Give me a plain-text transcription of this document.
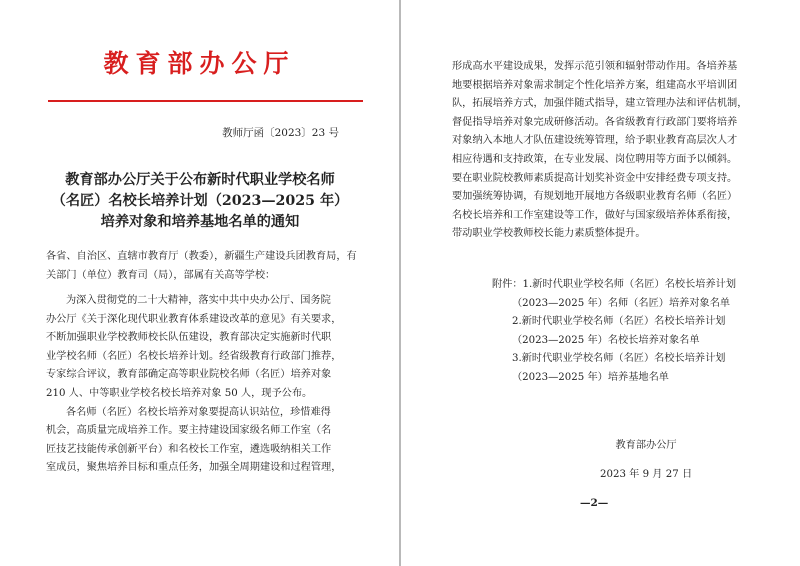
教育部办公厅
教师厅函〔2023〕23 号
教育部办公厅关于公布新时代职业学校名师
（名匠）名校长培养计划（2023—2025 年）
培养对象和培养基地名单的通知
各省、自治区、直辖市教育厅（教委），新疆生产建设兵团教育局，有关部门（单位）教育司（局），部属有关高等学校：
为深入贯彻党的二十大精神，落实中共中央办公厅、国务院
办公厅《关于深化现代职业教育体系建设改革的意见》有关要求，
不断加强职业学校教师校长队伍建设，教育部决定实施新时代职
业学校名师（名匠）名校长培养计划。经省级教育行政部门推荐，
专家综合评议，教育部确定高等职业院校名师（名匠）培养对象
210 人、中等职业学校名校长培养对象 50 人，现予公布。
各名师（名匠）名校长培养对象要提高认识站位，珍惜难得
机会，高质量完成培养工作。要主持建设国家级名师工作室（名
匠技艺技能传承创新平台）和名校长工作室，遴选吸纳相关工作
室成员，聚焦培养目标和重点任务，加强全周期建设和过程管理，
形成高水平建设成果，发挥示范引领和辐射带动作用。各培养基
地要根据培养对象需求制定个性化培养方案，组建高水平培训团
队，拓展培养方式，加强伴随式指导，建立管理办法和评估机制，
督促指导培养对象完成研修活动。各省级教育行政部门要将培养
对象纳入本地人才队伍建设统筹管理，给予职业教育高层次人才
相应待遇和支持政策，在专业发展、岗位聘用等方面予以倾斜。
要在职业院校教师素质提高计划奖补资金中安排经费专项支持。
要加强统筹协调，有规划地开展地方各级职业教育名师（名匠）
名校长培养和工作室建设等工作，做好与国家级培养体系衔接，
带动职业学校教师校长能力素质整体提升。
附件：1.新时代职业学校名师（名匠）名校长培养计划
（2023—2025 年）名师（名匠）培养对象名单
2.新时代职业学校名师（名匠）名校长培养计划
（2023—2025 年）名校长培养对象名单
3.新时代职业学校名师（名匠）名校长培养计划
（2023—2025 年）培养基地名单
教育部办公厅
2023 年 9 月 27 日
—2—
